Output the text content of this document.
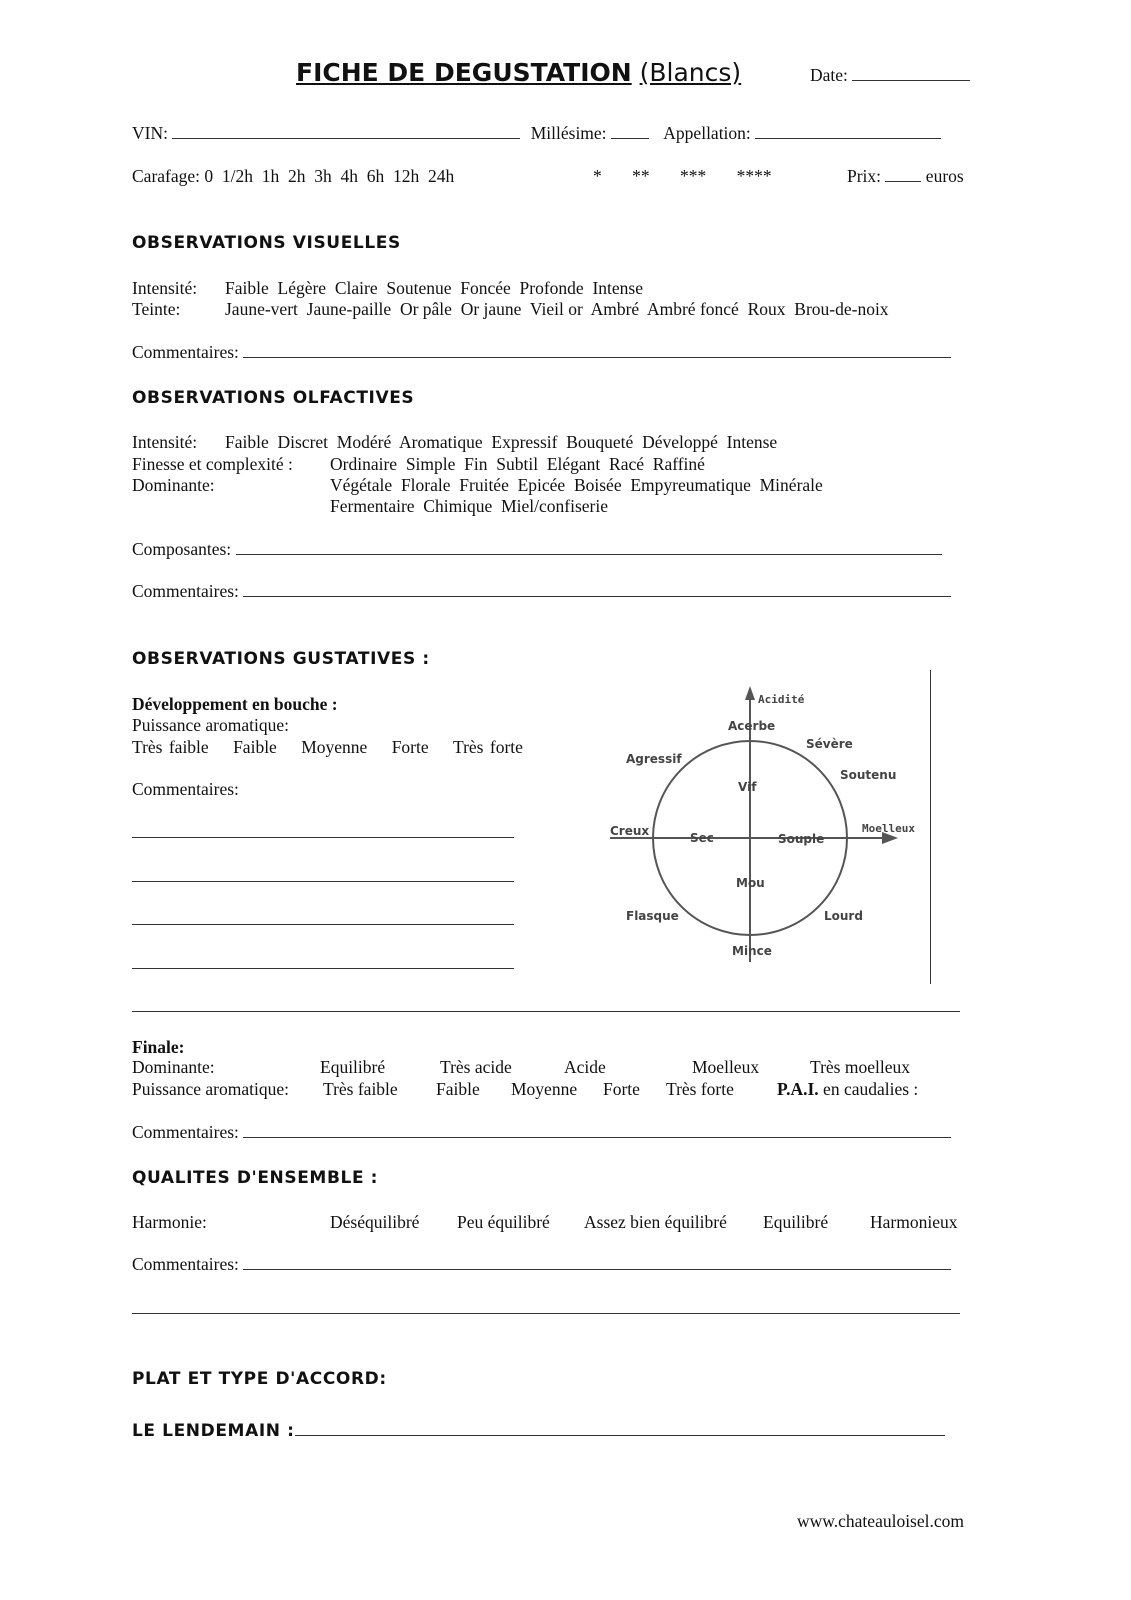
FICHE DE DEGUSTATION (Blancs)	Date:
VIN:	Millésime:	Appellation:
Carafage: 0 1/2h 1h 2h 3h 4h 6h 12h 24h	* ** *** ****	Prix:	euros
OBSERVATIONS VISUELLES
Intensité: Faible Légère Claire Soutenue Foncée Profonde Intense
Teinte:	Jaune-vert Jaune-paille Or pâle Or jaune Vieil or Ambré Ambré foncé Roux Brou-de-noix
Commentaires:
OBSERVATIONS OLFACTIVES
Intensité: Faible Discret Modéré Aromatique Expressif Bouqueté Développé Intense
Finesse et complexité : Ordinaire Simple Fin Subtil Elégant Racé Raffiné
Dominante:	Végétale Florale Fruitée Epicée Boisée Empyreumatique Minérale
Fermentaire Chimique Miel/confiserie
Composantes:
Commentaires:
OBSERVATIONS GUSTATIVES :
Développement en bouche :
Puissance aromatique:
Très faible Faible Moyenne Forte Très forte
Commentaires:
Acidité
Moelleux
Acerbe
Sévère
Agressif
Soutenu
Vif
Creux	Sec	Souple
Mou
Flasque	Lourd
Mince
Finale:
Dominante:	Equilibré	Très acide	Acide	Moelleux	Très moelleux
Puissance aromatique: Très faible Faible Moyenne Forte Très forte P.A.I. en caudalies :
Commentaires:
QUALITES D'ENSEMBLE :
Harmonie:	Déséquilibré Peu équilibré Assez bien équilibré Equilibré Harmonieux
Commentaires:
PLAT ET TYPE D'ACCORD:
LE LENDEMAIN :
www.chateauloisel.com
